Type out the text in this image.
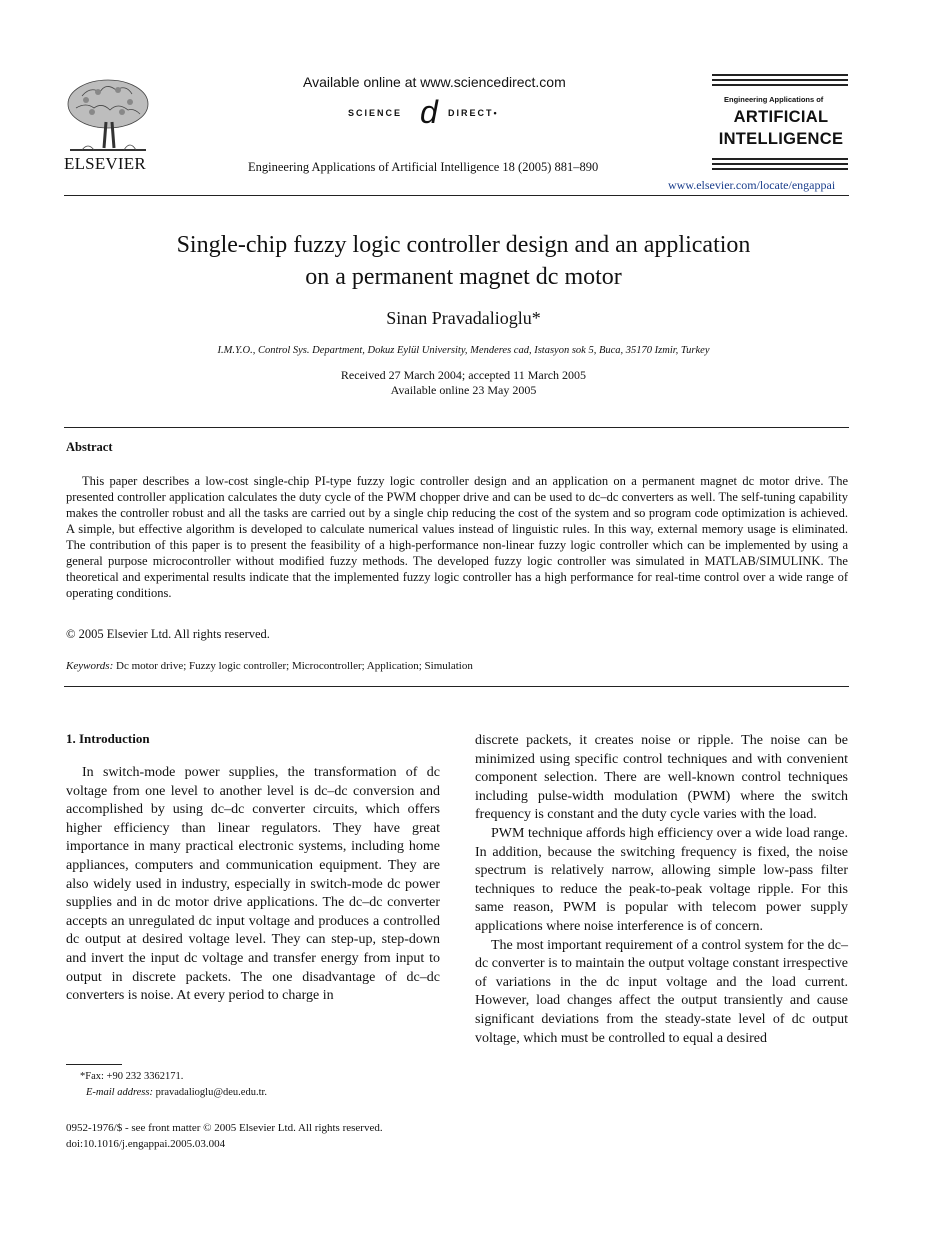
ELSEVIER
Available online at www.sciencedirect.com
SCIENCE d DIRECT•
Engineering Applications of Artificial Intelligence 18 (2005) 881–890
Engineering Applications of
ARTIFICIAL
INTELLIGENCE
www.elsevier.com/locate/engappai
Single-chip fuzzy logic controller design and an application
on a permanent magnet dc motor
Sinan Pravadalioglu*
I.M.Y.O., Control Sys. Department, Dokuz Eylül University, Menderes cad, Istasyon sok 5, Buca, 35170 Izmir, Turkey
Received 27 March 2004; accepted 11 March 2005
Available online 23 May 2005
Abstract
This paper describes a low-cost single-chip PI-type fuzzy logic controller design and an application on a permanent magnet dc motor drive. The presented controller application calculates the duty cycle of the PWM chopper drive and can be used to dc–dc converters as well. The self-tuning capability makes the controller robust and all the tasks are carried out by a single chip reducing the cost of the system and so program code optimization is achieved. A simple, but effective algorithm is developed to calculate numerical values instead of linguistic rules. In this way, external memory usage is eliminated. The contribution of this paper is to present the feasibility of a high-performance non-linear fuzzy logic controller which can be implemented by using a general purpose microcontroller without modified fuzzy methods. The developed fuzzy logic controller was simulated in MATLAB/SIMULINK. The theoretical and experimental results indicate that the implemented fuzzy logic controller has a high performance for real-time control over a wide range of operating conditions.
© 2005 Elsevier Ltd. All rights reserved.
Keywords: Dc motor drive; Fuzzy logic controller; Microcontroller; Application; Simulation
1. Introduction

In switch-mode power supplies, the transformation of dc voltage from one level to another level is dc–dc conversion and accomplished by using dc–dc converter circuits, which offers higher efficiency than linear regulators. They have great importance in many practical electronic systems, including home appliances, computers and communication equipment. They are also widely used in industry, especially in switch-mode dc power supplies and in dc motor drive applications. The dc–dc converter accepts an unregulated dc input voltage and produces a controlled dc output at desired voltage level. They can step-up, step-down and invert the input dc voltage and transfer energy from input to output in discrete packets. The one disadvantage of dc–dc converters is noise. At every period to charge in

discrete packets, it creates noise or ripple. The noise can be minimized using specific control techniques and with convenient component selection. There are well-known control techniques including pulse-width modulation (PWM) where the switch frequency is constant and the duty cycle varies with the load.

PWM technique affords high efficiency over a wide load range. In addition, because the switching frequency is fixed, the noise spectrum is relatively narrow, allowing simple low-pass filter techniques to reduce the peak-to-peak voltage ripple. For this same reason, PWM is popular with telecom power supply applications where noise interference is of concern.

The most important requirement of a control system for the dc–dc converter is to maintain the output voltage constant irrespective of variations in the dc input voltage and the load current. However, load changes affect the output transiently and cause significant deviations from the steady-state level of dc output voltage, which must be controlled to equal a desired

*Fax: +90 232 3362171.
E-mail address: pravadalioglu@deu.edu.tr.
0952-1976/$ - see front matter © 2005 Elsevier Ltd. All rights reserved.
doi:10.1016/j.engappai.2005.03.004
